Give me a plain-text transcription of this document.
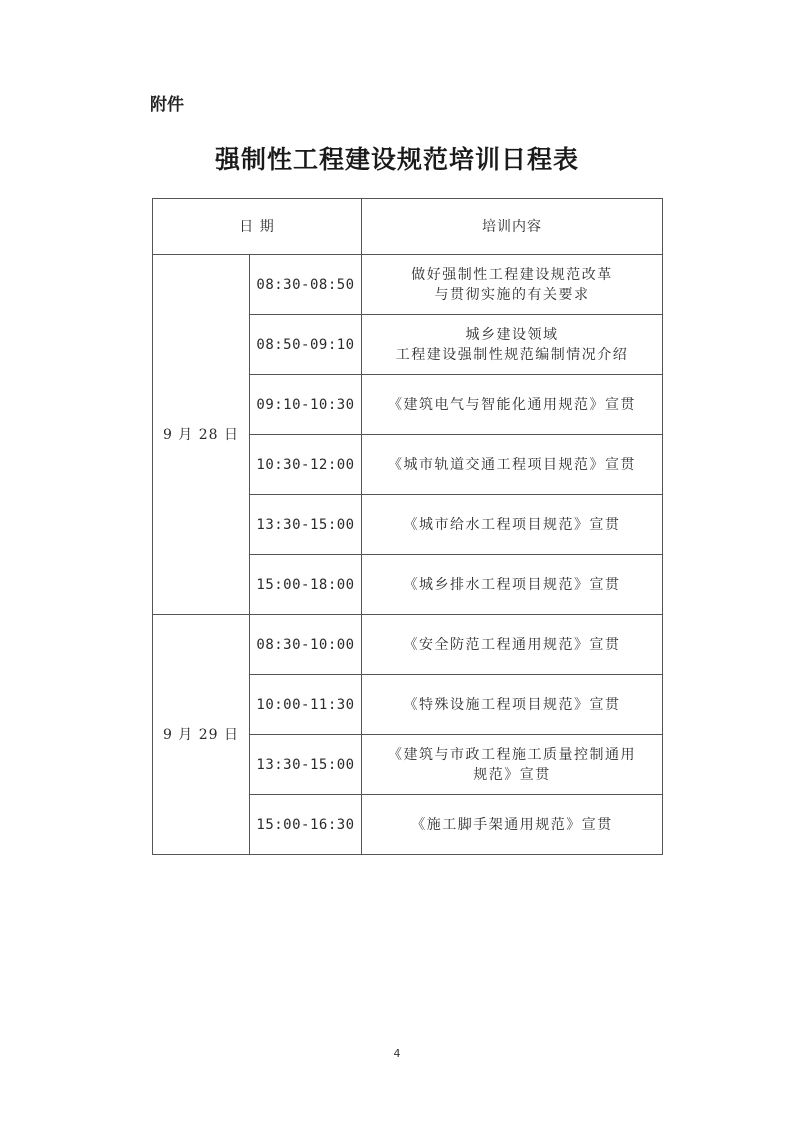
附件
强制性工程建设规范培训日程表
日 期		培训内容
9 月 28 日	08:30-08:50	做好强制性工程建设规范改革
与贯彻实施的有关要求

	08:50-09:10	城乡建设领域
工程建设强制性规范编制情况介绍

	09:10-10:30	《建筑电气与智能化通用规范》宣贯

	10:30-12:00	《城市轨道交通工程项目规范》宣贯

	13:30-15:00	《城市给水工程项目规范》宣贯

	15:00-18:00	《城乡排水工程项目规范》宣贯

9 月 29 日	08:30-10:00	《安全防范工程通用规范》宣贯

	10:00-11:30	《特殊设施工程项目规范》宣贯

	13:30-15:00	《建筑与市政工程施工质量控制通用
规范》宣贯

	15:00-16:30	《施工脚手架通用规范》宣贯
4
